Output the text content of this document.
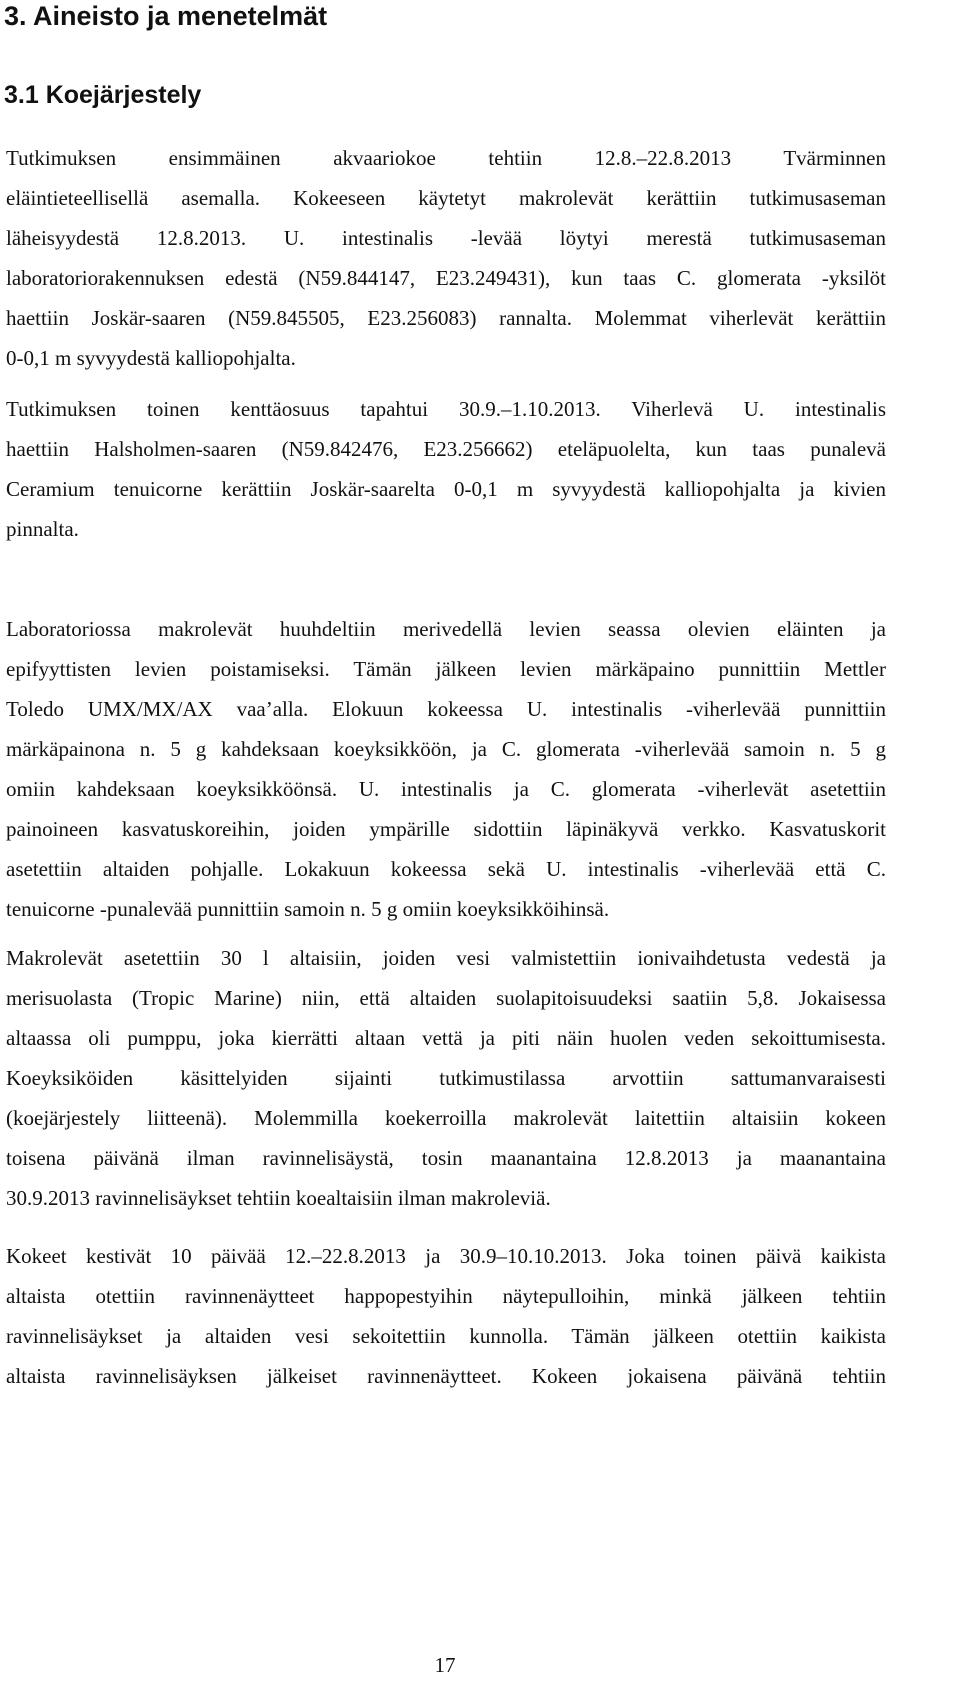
3. Aineisto ja menetelmät
3.1 Koejärjestely
Tutkimuksen ensimmäinen akvaariokoe tehtiin 12.8.–22.8.2013 Tvärminnen
eläintieteellisellä asemalla. Kokeeseen käytetyt makrolevät kerättiin tutkimusaseman
läheisyydestä 12.8.2013. U. intestinalis -levää löytyi merestä tutkimusaseman
laboratoriorakennuksen edestä (N59.844147, E23.249431), kun taas C. glomerata -yksilöt
haettiin Joskär-saaren (N59.845505, E23.256083) rannalta. Molemmat viherlevät kerättiin
0-0,1 m syvyydestä kalliopohjalta.
Tutkimuksen toinen kenttäosuus tapahtui 30.9.–1.10.2013. Viherlevä U. intestinalis
haettiin Halsholmen-saaren (N59.842476, E23.256662) eteläpuolelta, kun taas punalevä
Ceramium tenuicorne kerättiin Joskär-saarelta 0-0,1 m syvyydestä kalliopohjalta ja kivien
pinnalta.
Laboratoriossa makrolevät huuhdeltiin merivedellä levien seassa olevien eläinten ja
epifyyttisten levien poistamiseksi. Tämän jälkeen levien märkäpaino punnittiin Mettler
Toledo UMX/MX/AX vaa’alla. Elokuun kokeessa U. intestinalis -viherlevää punnittiin
märkäpainona n. 5 g kahdeksaan koeyksikköön, ja C. glomerata -viherlevää samoin n. 5 g
omiin kahdeksaan koeyksikköönsä. U. intestinalis ja C. glomerata -viherlevät asetettiin
painoineen kasvatuskoreihin, joiden ympärille sidottiin läpinäkyvä verkko. Kasvatuskorit
asetettiin altaiden pohjalle. Lokakuun kokeessa sekä U. intestinalis -viherlevää että C.
tenuicorne -punalevää punnittiin samoin n. 5 g omiin koeyksikköihinsä.
Makrolevät asetettiin 30 l altaisiin, joiden vesi valmistettiin ionivaihdetusta vedestä ja
merisuolasta (Tropic Marine) niin, että altaiden suolapitoisuudeksi saatiin 5,8. Jokaisessa
altaassa oli pumppu, joka kierrätti altaan vettä ja piti näin huolen veden sekoittumisesta.
Koeyksiköiden käsittelyiden sijainti tutkimustilassa arvottiin sattumanvaraisesti
(koejärjestely liitteenä). Molemmilla koekerroilla makrolevät laitettiin altaisiin kokeen
toisena päivänä ilman ravinnelisäystä, tosin maanantaina 12.8.2013 ja maanantaina
30.9.2013 ravinnelisäykset tehtiin koealtaisiin ilman makroleviä.
Kokeet kestivät 10 päivää 12.–22.8.2013 ja 30.9–10.10.2013. Joka toinen päivä kaikista
altaista otettiin ravinnenäytteet happopestyihin näytepulloihin, minkä jälkeen tehtiin
ravinnelisäykset ja altaiden vesi sekoitettiin kunnolla. Tämän jälkeen otettiin kaikista
altaista ravinnelisäyksen jälkeiset ravinnenäytteet. Kokeen jokaisena päivänä tehtiin
17
